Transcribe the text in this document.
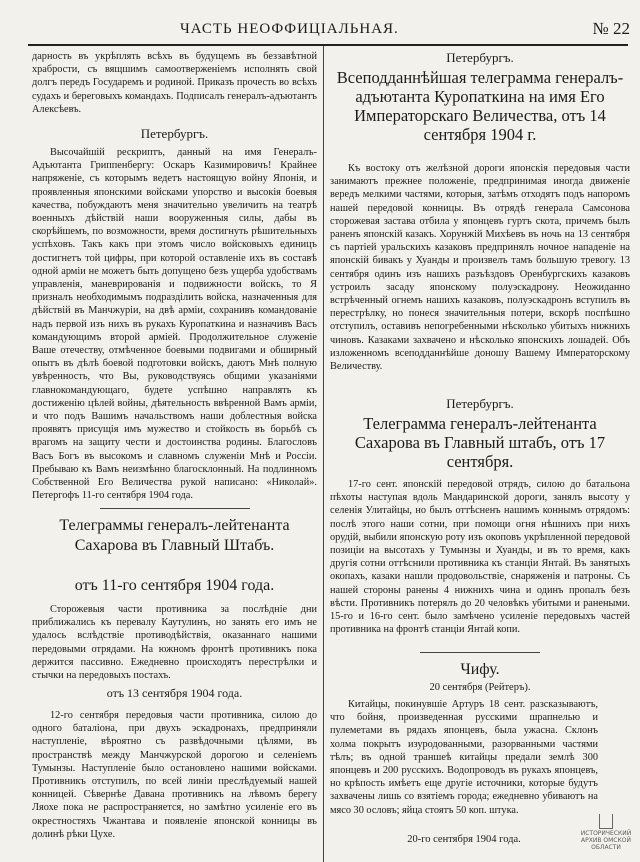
ЧАСТЬ НЕОФФИЦІАЛЬНАЯ.	№ 22

дарность въ укрѣплять всѣхъ въ будущемъ въ беззавѣтной храбрости, съ вящшимъ самоотверженіемъ исполнять свой долгъ передъ Государемъ и родиной. Приказъ прочесть во всѣхъ судахъ и береговыхъ командахъ. Подписалъ генералъ-адъютантъ Алексѣевъ.

Петербургъ.

Высочайшій рескриптъ, данный на имя Генералъ-Адъютанта Гриппенбергу: Оскаръ Казимировичъ! Крайнее напряженіе, съ которымъ ведетъ настоящую войну Японія, и проявленныя японскими войсками упорство и высокія боевыя качества, побуждаютъ меня значительно увеличить на театрѣ военныхъ дѣйствій наши вооруженныя силы, дабы въ скорѣйшемъ, по возможности, время достигнуть рѣшительныхъ успѣховъ. Такъ какъ при этомъ число войсковыхъ единицъ достигнетъ той цифры, при которой оставленіе ихъ въ составѣ одной арміи не можетъ быть допущено безъ ущерба удобствамъ управленія, маневрированія и подвижности войскъ, то Я призналъ необходимымъ подразділить войска, назначенныя для дѣйствій въ Манчжуріи, на двѣ арміи, сохранивъ командованіе надъ первой изъ нихъ въ рукахъ Куропаткина и назначивъ Васъ командующимъ второй арміей. Продолжительное служеніе Ваше отечеству, отмѣченное боевыми подвигами и обширный опытъ въ дѣлѣ боевой подготовки войскъ, даютъ Мнѣ полную увѣренность, что Вы, руководствуясь общими указаніями главнокомандующаго, будете успѣшно направлять къ достиженію цѣлей войны, дѣятельность ввѣренной Вамъ арміи, и что подъ Вашимъ начальствомъ наши доблестныя войска проявятъ присущія имъ мужество и стойкость въ борьбѣ съ врагомъ на защиту чести и достоинства родины. Благословъ Васъ Богъ въ высокомъ и славномъ служеніи Мнѣ и Россіи. Пребываю къ Вамъ неизмѣнно благосклонный. На подлинномъ Собственной Его Величества рукой написано: «Николай». Петергофъ 11-го сентября 1904 года.

Телеграммы генералъ-лейтенанта Сахарова въ Главный Штабъ.
отъ 11-го сентября 1904 года.

Сторожевыя части противника за послѣдніе дни приближались къ перевалу Каутулинъ, но занять его имъ не удалось вслѣдствіе противодѣйствія, оказаннаго нашими передовыми отрядами. На южномъ фронтѣ противникъ пока держится пассивно. Ежедневно происходятъ перестрѣлки и стычки на передовыхъ постахъ.

отъ 13 сентября 1904 года.

12-го сентября передовыя части противника, силою до одного баталіона, при двухъ эскадронахъ, предприняли наступленіе, вѣроятно съ развѣдочными цѣлями, въ пространствѣ между Манчжурской дорогою и селеніемъ Тумынзы. Наступленіе было остановлено нашими войсками. Противникъ отступилъ, по всей линіи преслѣдуемый нашей конницей. Сѣвернѣе Давана противникъ на лѣвомъ берегу Ляохе пока не распространяется, но замѣтно усиленіе его въ окрестностяхъ Чжантава и появленіе японской конницы въ долинѣ рѣки Цухе.

Петербургъ.
Всеподданнѣйшая телеграмма генералъ-адъютанта Куропаткина на имя Его Императорскаго Величества, отъ 14 сентября 1904 г.

Къ востоку отъ желѣзной дороги японскія передовыя части занимаютъ прежнее положеніе, предпринимая иногда движеніе вередъ мелкими частями, которыя, затѣмъ отходятъ подъ напоромъ нашей передовой конницы. Въ отрядѣ генерала Самсонова сторожевая застава отбила у японцевъ гуртъ скота, причемъ былъ раненъ японскій казакъ. Хорунжій Михѣевъ въ ночь на 13 сентября съ партіей уральскихъ казаковъ предпринялъ ночное нападеніе на японскій бивакъ у Хуанды и произвелъ тамъ большую тревогу. 13 сентября одинъ изъ нашихъ разъѣздовъ Оренбургскихъ казаковъ устроилъ засаду японскому полуэскадрону. Неожиданно встрѣченный огнемъ нашихъ казаковъ, полуэскадронъ вступилъ въ перестрѣлку, но понеся значительныя потери, вскорѣ поспѣшно отступилъ, оставивъ непогребенными нѣсколько убитыхъ нижнихъ чиновъ. Казаками захвачено и нѣсколько японскихъ лошадей. Объ изложенномъ всеподданнѣйше доношу Вашему Императорскому Величеству.

Петербургъ.
Телеграмма генералъ-лейтенанта Сахарова въ Главный штабъ, отъ 17 сентября.

17-го сент. японскій передовой отрядъ, силою до батальона пѣхоты наступая вдоль Мандаринской дороги, занялъ высоту у селенія Улитайцы, но былъ оттѣсненъ нашимъ коннымъ отрядомъ: послѣ этого наши сотни, при помощи огня нѣшнихъ при нихъ орудій, выбили японскую роту изъ окоповъ укрѣпленной передовой позиціи на высотахъ у Тумынзы и Хуанды, и въ то время, какъ другія сотни оттѣснили противника къ станціи Янтай. Въ занятыхъ окопахъ, казаки нашли продовольствіе, снаряженія и патроны. Съ нашей стороны ранены 4 нижнихъ чина и одинъ пропалъ безъ вѣсти. Противникъ потерялъ до 20 человѣкъ убитыми и ранеными. 15-го и 16-го сент. было замѣчено усиленіе передовыхъ частей противника на фронтѣ станціи Янтай копи.

Чифу.
20 сентября (Рейтеръ).

Китайцы, покинувшіе Артуръ 18 сент. разсказываютъ, что бойня, произведенная русскими шрапнелью и пулеметами въ рядахъ японцевъ, была ужасна. Склонъ холма покрытъ изуродованными, разорванными частями тѣлъ; въ одной траншеѣ китайцы предали землѣ 300 японцевъ и 200 русскихъ. Водопроводъ въ рукахъ японцевъ, но крѣпость имѣетъ еще другіе источники, которые будутъ захвачены лишь со взятіемъ города; ежедневно убиваютъ на мясо 30 ословъ; яйца стоятъ 50 коп. штука.

20-го сентября 1904 года.
ИСТОРИЧЕСКИЙ АРХИВ ОМСКОЙ ОБЛАСТИ
